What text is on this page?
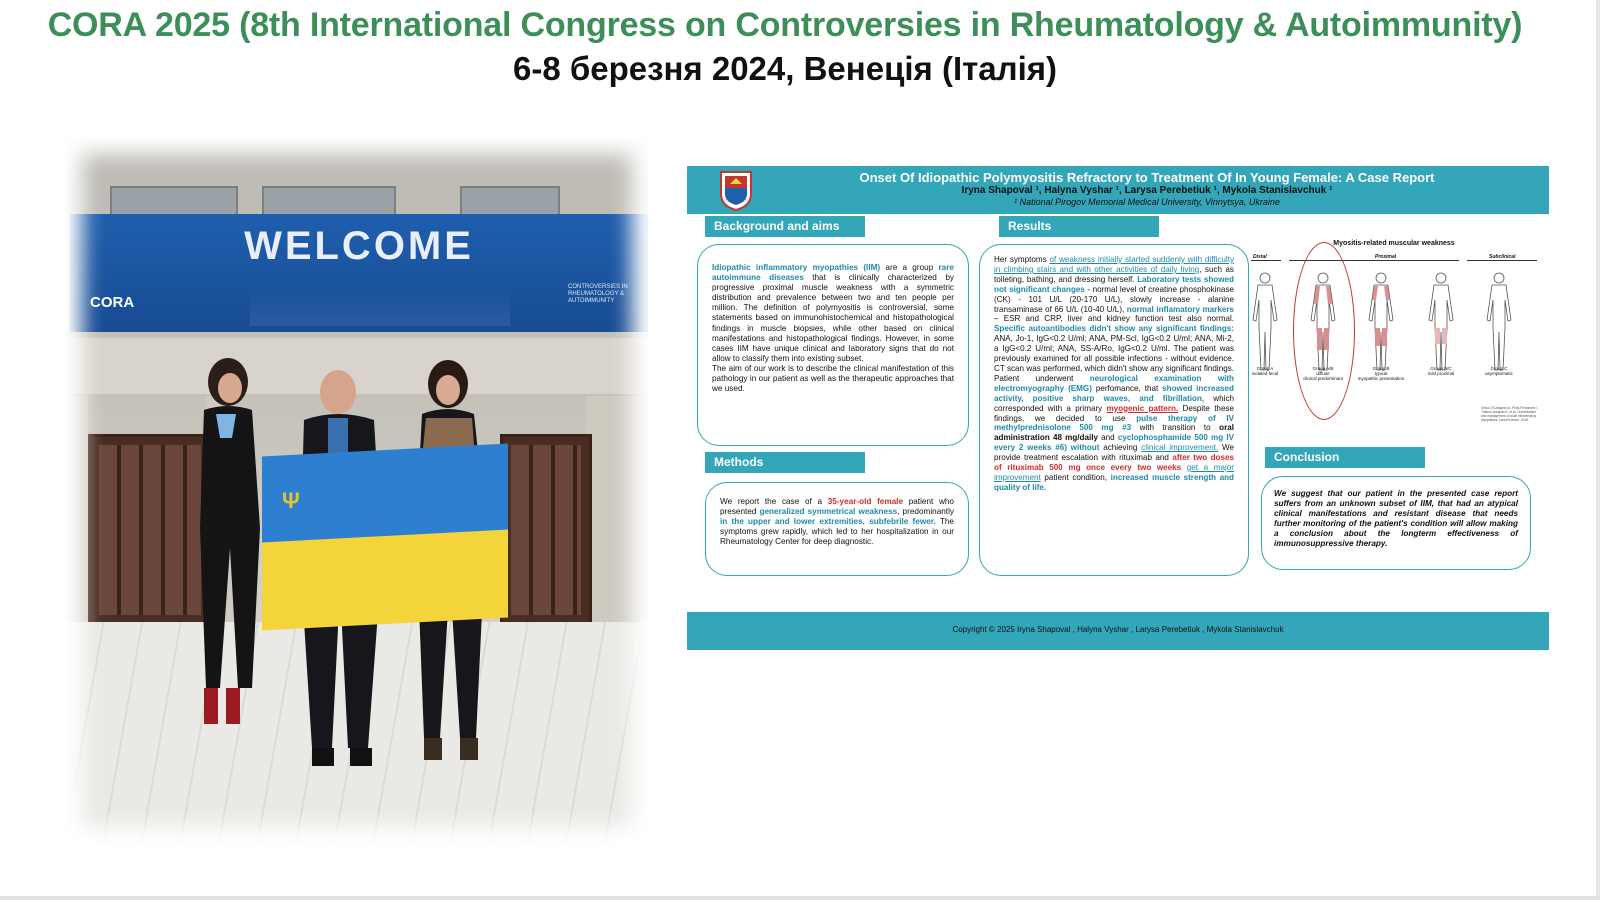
CORA 2025 (8th International Congress on Controversies in Rheumatology & Autoimmunity)
6-8 березня 2024, Венеція (Італія)
WELCOME
CORA
CONTROVERSIES IN RHEUMATOLOGY & AUTOIMMUNITY
Ψ
Onset Of Idiopathic Polymyositis Refractory to Treatment Of In Young Female: A Case Report
Iryna Shapoval ¹, Halyna Vyshar ¹, Larysa Perebetiuk ¹, Mykola Stanislavchuk ¹
¹ National Pirogov Memorial Medical University, Vinnytsya, Ukraine
Background and aims
Idiopathic inflammatory myopathies (IIM) are a group rare autoimmune diseases that is clinically characterized by progressive proximal muscle weakness with a symmetric distribution and prevalence between two and ten people per million. The definition of polymyositis is controversial, some statements based on immunohistochemical and histopathological findings in muscle biopsies, while other based on clinical manifestations and histopathological findings. However, in some cases IIM have unique clinical and laboratory signs that do not allow to classify them into existing subset.
The aim of our work is to describe the clinical manifestation of this pathology in our patient as well as the therapeutic approaches that we used.
Methods
We report the case of a 35-year-old female patient who presented generalized symmetrical weakness, predominantly in the upper and lower extremities, subfebrile fewer. The symptoms grew rapidly, which led to her hospitalization in our Rheumatology Center for deep diagnostic.
Results
Her symptoms of weakness initially started suddenly with difficulty in climbing stairs and with other activities of daily living, such as toileting, bathing, and dressing herself. Laboratory tests showed not significant changes - normal level of creatine phosphokinase (CK) - 101 U/L (20-170 U/L), slowly increase - alanine transaminase of 66 U/L (10-40 U/L), normal inflamatory markers – ESR and CRP, liver and kidney function test also normal. Specific autoantibodies didn't show any significant findings: ANA, Jo-1, IgG<0.2 U/ml; ANA, PM-Scl, IgG<0.2 U/ml; ANA, Mi-2, a IgG<0.2 U/ml; ANA, SS-A/Ro, IgG<0.2 U/ml. The patient was previously examined for all possible infections - without evidence. CT scan was performed, which didn't show any significant findings. Patient underwent neurological examination with electromyography (EMG) perfomance, that showed increased activity, positive sharp waves, and fibrillation, which corresponded with a primary myogenic pattern. Despite these findings, we decided to use pulse therapy of IV methylprednisolone 500 mg #3 with transition to oral administration 48 mg/daily and cyclophosphamide 500 mg IV every 2 weeks #6) without achieving clinical improvement. We provide treatment escalation with rituximab and after two doses of rituximab 500 mg once every two weeks get a major improvement patient condition, increased muscle strength and quality of life.
Myositis-related muscular weakness
Distal	Proximal	Subclinical
Group A
isolated fecal
Group A/B
diffuse
clinical predominant
Group B
typical
myopathic presentation
Group B/C
mild proximal
Group C
asymptomatic
Selva-O'Callaghan A, Pinal-Fernandez I, Trallero-Araguás E, et al. Classification and management of adult inflammatory myopathies. Lancet Neurol. 2018.
Conclusion
We suggest that our patient in the presented case report suffers from an unknown subset of IIM, that had an atypical clinical manifestations and resistant disease that needs further monitoring of the patient's condition will allow making a conclusion about the longterm effectiveness of immunosuppressive therapy.
Copyright © 2025 Iryna Shapoval , Halyna Vyshar , Larysa Perebetiuk , Mykola Stanislavchuk
